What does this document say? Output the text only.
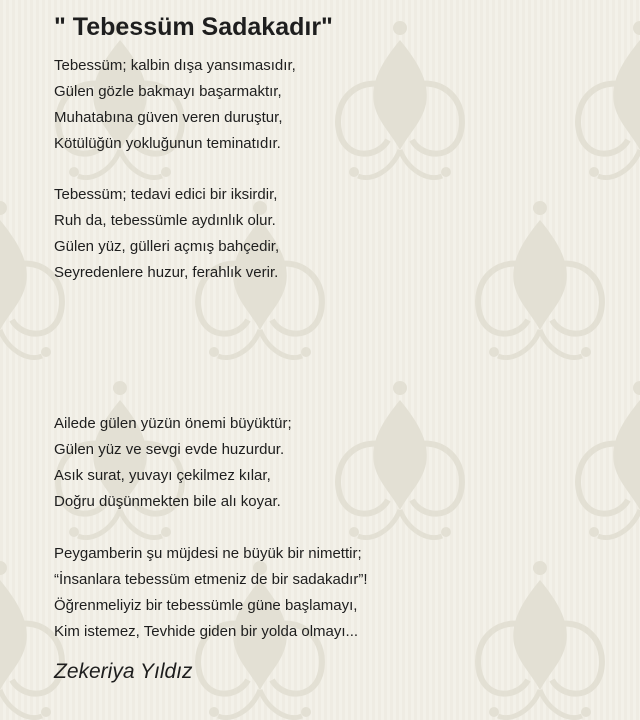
" Tebessüm Sadakadır"
Tebessüm; kalbin dışa yansımasıdır,
Gülen gözle bakmayı başarmaktır,
Muhatabına güven veren duruştur,
Kötülüğün yokluğunun teminatıdır.
Tebessüm; tedavi edici bir iksirdir,
Ruh da, tebessümle aydınlık olur.
Gülen yüz, gülleri açmış bahçedir,
Seyredenlere huzur, ferahlık verir.
Ailede gülen yüzün önemi büyüktür;
Gülen yüz ve sevgi evde huzurdur.
Asık surat, yuvayı çekilmez kılar,
Doğru düşünmekten bile alı koyar.
Peygamberin şu müjdesi ne büyük bir nimettir;
“İnsanlara tebessüm etmeniz de bir sadakadır”!
Öğrenmeliyiz bir tebessümle güne başlamayı,
Kim istemez, Tevhide giden bir yolda olmayı...
Zekeriya Yıldız
